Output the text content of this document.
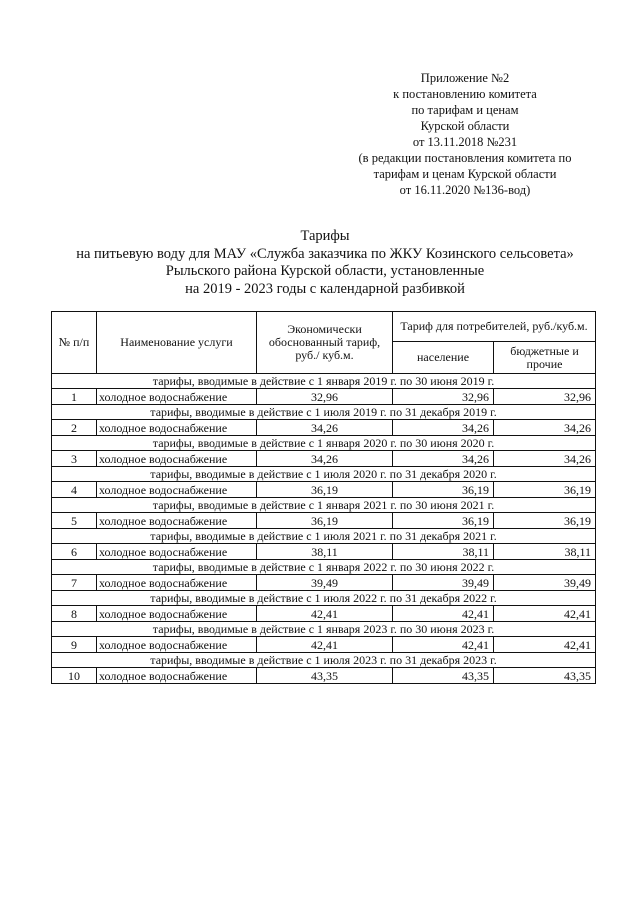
Приложение №2
к постановлению комитета
по тарифам и ценам
Курской области
от 13.11.2018 №231
(в редакции постановления комитета по
тарифам и ценам Курской области
от 16.11.2020 №136-вод)
Тарифы
на питьевую воду для МАУ «Служба заказчика по ЖКУ Козинского сельсовета»
Рыльского района Курской области, установленные
на 2019 - 2023 годы с календарной разбивкой
№ п/п	Наименование услуги	Экономически обоснованный тариф, руб./ куб.м.	Тариф для потребителей, руб./куб.м.	
			население	бюджетные и прочие
тарифы, вводимые в действие с 1 января 2019 г. по 30 июня 2019 г.				
1	холодное водоснабжение	32,96	32,96	32,96
тарифы, вводимые в действие с 1 июля 2019 г. по 31 декабря 2019 г.				
2	холодное водоснабжение	34,26	34,26	34,26
тарифы, вводимые в действие с 1 января 2020 г. по 30 июня 2020 г.				
3	холодное водоснабжение	34,26	34,26	34,26
тарифы, вводимые в действие с 1 июля 2020 г. по 31 декабря 2020 г.				
4	холодное водоснабжение	36,19	36,19	36,19
тарифы, вводимые в действие с 1 января 2021 г. по 30 июня 2021 г.				
5	холодное водоснабжение	36,19	36,19	36,19
тарифы, вводимые в действие с 1 июля 2021 г. по 31 декабря 2021 г.				
6	холодное водоснабжение	38,11	38,11	38,11
тарифы, вводимые в действие с 1 января 2022 г. по 30 июня 2022 г.				
7	холодное водоснабжение	39,49	39,49	39,49
тарифы, вводимые в действие с 1 июля 2022 г. по 31 декабря 2022 г.				
8	холодное водоснабжение	42,41	42,41	42,41
тарифы, вводимые в действие с 1 января 2023 г. по 30 июня 2023 г.				
9	холодное водоснабжение	42,41	42,41	42,41
тарифы, вводимые в действие с 1 июля 2023 г. по 31 декабря 2023 г.				
10	холодное водоснабжение	43,35	43,35	43,35
